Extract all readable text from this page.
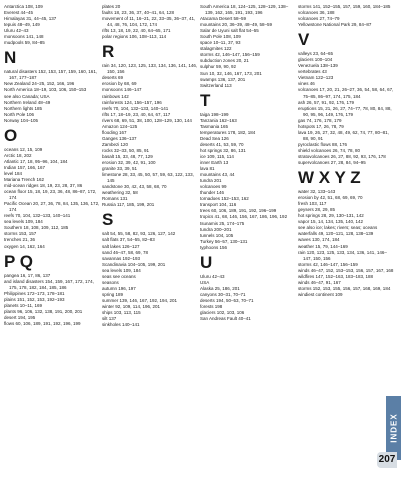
Antarctica 108, 109
Everest 44–45
Himalayas 31, 44–45, 137
tepuis 48–49, 149
Uluru 42–43
monsoons 141, 148
mudpools 59, 84–85
N
natural disasters 152, 153, 157, 159, 160, 161, 167, 177–187
New Zealand 24–25, 152, 166, 196
North America 18–19, 103, 106, 150–153
see also Canada; USA
Northern Ireland 48–49
Northern lights 185
North Pole 106
Norway 104–105
O
oceans 12, 15, 109
Arctic 18, 202
Atlantic 17, 18, 95–96, 104, 184
Indian 157, 166, 167
level 184
Mariana Trench 162
mid-ocean ridges 18, 19, 23, 28, 37, 86
ocean floor 15, 18, 19, 23, 36, 48, 86–87, 172, 174
Pacific Ocean 20, 27, 36, 78, 84, 135, 136, 172, 174
reefs 70, 104, 132–133, 140–141
sea levels 109, 184
Southern 18, 108, 109, 112, 185
storms 153, 157
trenches 21, 36
oxygen 14, 162, 164
P Q
pangea 16, 17, 86, 137
and island disasters 154, 159, 167, 172, 174, 175, 178, 182, 184, 185, 186
Philippines 172–173, 178–181
plains 151, 152, 153, 192–193
planets 10–11, 169
plants 96, 106, 132, 138, 191, 200, 201
desert 194, 195
flows 60, 106, 189, 191, 192, 196, 199
plates 20
faults 18, 23, 36, 37, 40–41, 64, 128
movement of 11, 16–21, 22, 33–35, 36–37, 41, 44, 48, 76, 104, 172, 174
rifts 13, 18, 19, 22, 40, 64–65, 171
polar regions 106, 108–113, 114
R
rain 34, 120, 123, 125, 133, 134, 136, 141, 146, 150, 156
deserts 69
erosion by 68, 69
monsoons 146–147
rainbows 142
rainforests 124, 156–157, 196
reefs 70, 104, 132–133, 140–141
rifts 17, 18–19, 23, 40, 64, 67, 117
rivers 68, 69, 51, 38, 100, 128–129, 130, 144
Amazon 124–125
flooding 167
Ganges 136–137
Zambezi 120
rocks 32–33, 50, 85, 91
basalt 15, 33, 48, 77, 129
erosion 32, 39, 42, 91, 100
granite 33, 39, 51
limestone 28, 33, 45, 50, 57, 59, 63, 122, 133, 145
sandstone 30, 42, 43, 58, 68, 70
weathering 32, 58
Romans 131
Russia 117, 185, 199, 201
S
salt 54, 55, 58, 82, 93, 126, 127, 142
salt flats 37, 54–55, 82–83
salt lakes 126–127
sand 46–47, 58, 69, 78
savannas 192–193
Scandinavia 104–105, 199, 201
sea levels 109, 184
seas see oceans
seasons
autumn 196, 197
spring 189
summer 139, 146, 167, 192, 194, 201
winter 92, 109, 114, 196, 201
ships 103, 113, 115
silt 137
sinkholes 140–141
South America 18, 124–125, 128–129, 138–139, 162, 165, 191, 193, 196
Atacama Desert 58–59
mountains 20, 36–39, 48–49, 58–59
Salar de Uyuni salt flat 54–55
South Pole 108, 109
space 10–11, 37, 93
stalagmites 122
storms 42, 146–147, 156–159
subduction zones 20, 21
sulphur 59, 90, 92
Sun 10, 32, 146, 167, 173, 201
swamps 136, 137, 201
Switzerland 113
T
taiga 198–199
Tanzania 162–163
Tasmania 165
temperatures 178, 182, 184
Dead Sea 126
deserts 41, 53, 59, 70
hot springs 32, 86, 131
ice 109, 115, 114
inner Earth 13
lava 81
mountains 43, 44
tundra 201
volcanoes 99
thunder 146
tornadoes 152–153, 162
transport 104, 116
trees 60, 106, 189, 191, 192, 196–199
tropics 41, 68, 146, 156, 167, 186, 196, 192
tsunamis 25, 174–175
tundra 200–201
tunnels 104, 105
Turkey 56–57, 130–131
typhoons 156
U
Uluru 42–43
USA
Alaska 25, 186, 201
canyons 30–31, 70–71
deserts 194, 50–53, 70–71
forests 198
glaciers 102, 103, 106
San Andreas Fault 40–41
storms 141, 152–155, 157, 159, 160, 184–185
volcanoes 36, 188
volcanoes 27, 74–79
Yellowstone National Park 29, 84–87
V
valleys 23, 64–65
glaciers 100–104
Venezuela 138–139
vertebrates 43
Vietnam 122–123
vines 46
volcanoes 17, 20, 21, 26–27, 36, 54, 58, 64, 67, 75–85, 86–97, 174, 175, 184
ash 26, 57, 91, 92, 176, 179
eruptions 15, 21, 26, 27, 74–77, 78, 80, 84, 88, 90, 95, 96, 149, 176, 179
gas 74, 176, 178, 179
hotspots 17, 26, 78, 79
lava 19, 26, 27, 32, 48, 49, 62, 74, 77, 80–81, 88, 90, 91
pyroclastic flows 88, 176
shield volcanoes 26, 74, 78, 80
stratovolcanoes 26, 27, 88, 92, 93, 176, 178
supervolcanoes 27, 28, 84, 94–95
W X Y Z
water 32, 133–143
erosion by 42, 51, 68, 69, 69, 70
fresh 103, 117
geysers 28, 29, 85
hot springs 28, 29, 130–131, 142
vapor 15, 14, 134, 135, 140, 142
see also ice; lakes; rivers; seas; oceans
waterfalls 49, 120–121, 128, 138–139
waves 130, 174, 184
weather 15, 79, 144–169
rain 120, 123, 125, 133, 134, 136, 141, 146–147, 150, 156
storms 42, 146–147, 156–159
winds 46–47, 152, 153–153, 156, 157, 167, 168
wildfires 147, 152–163, 183–183, 188
winds 46–47, 91, 167
storms 152, 153, 155, 156, 157, 168, 169, 184
windiest continent 109
INDEX
207
